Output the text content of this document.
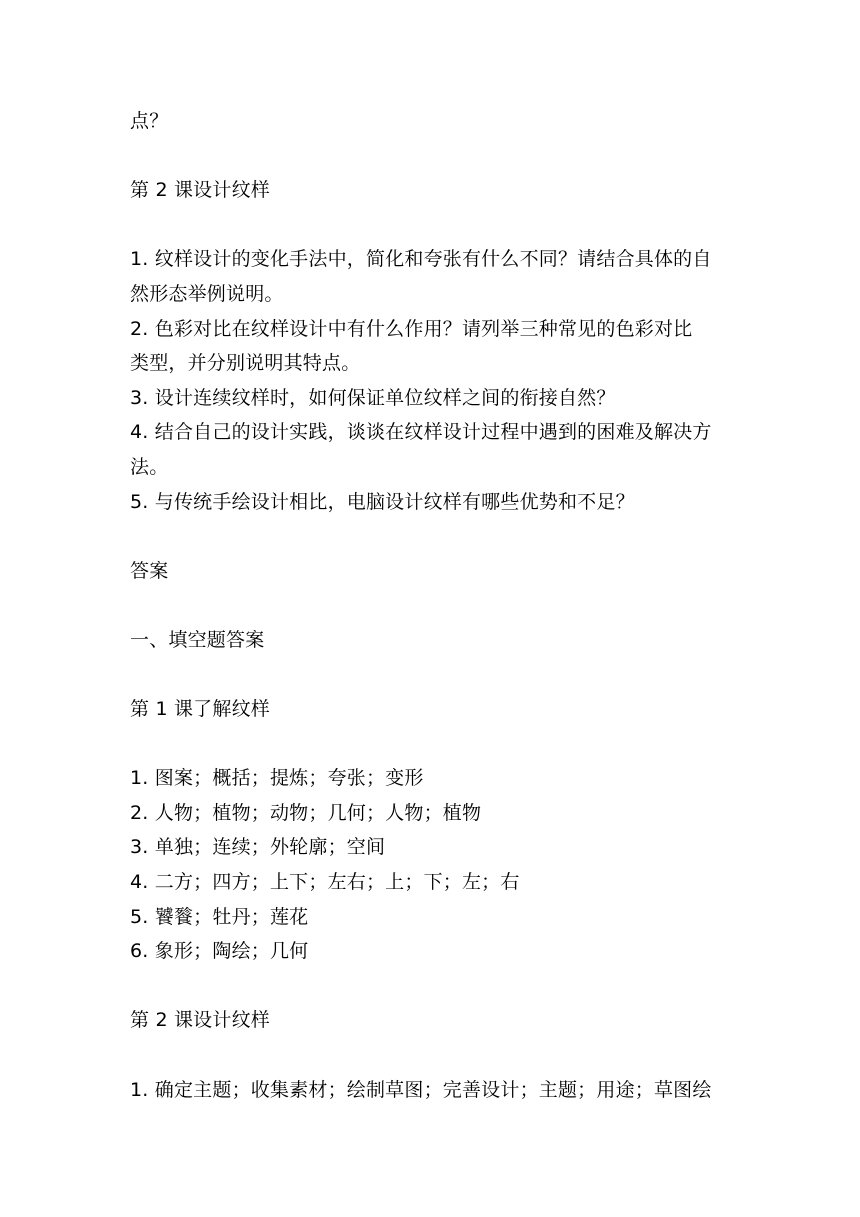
点？
第 2 课设计纹样
1. 纹样设计的变化手法中，简化和夸张有什么不同？请结合具体的自
然形态举例说明。
2. 色彩对比在纹样设计中有什么作用？请列举三种常见的色彩对比
类型，并分别说明其特点。
3. 设计连续纹样时，如何保证单位纹样之间的衔接自然？
4. 结合自己的设计实践，谈谈在纹样设计过程中遇到的困难及解决方
法。
5. 与传统手绘设计相比，电脑设计纹样有哪些优势和不足？
答案
一、填空题答案
第 1 课了解纹样
1. 图案；概括；提炼；夸张；变形
2. 人物；植物；动物；几何；人物；植物
3. 单独；连续；外轮廓；空间
4. 二方；四方；上下；左右；上；下；左；右
5. 饕餮；牡丹；莲花
6. 象形；陶绘；几何
第 2 课设计纹样
1. 确定主题；收集素材；绘制草图；完善设计；主题；用途；草图绘
